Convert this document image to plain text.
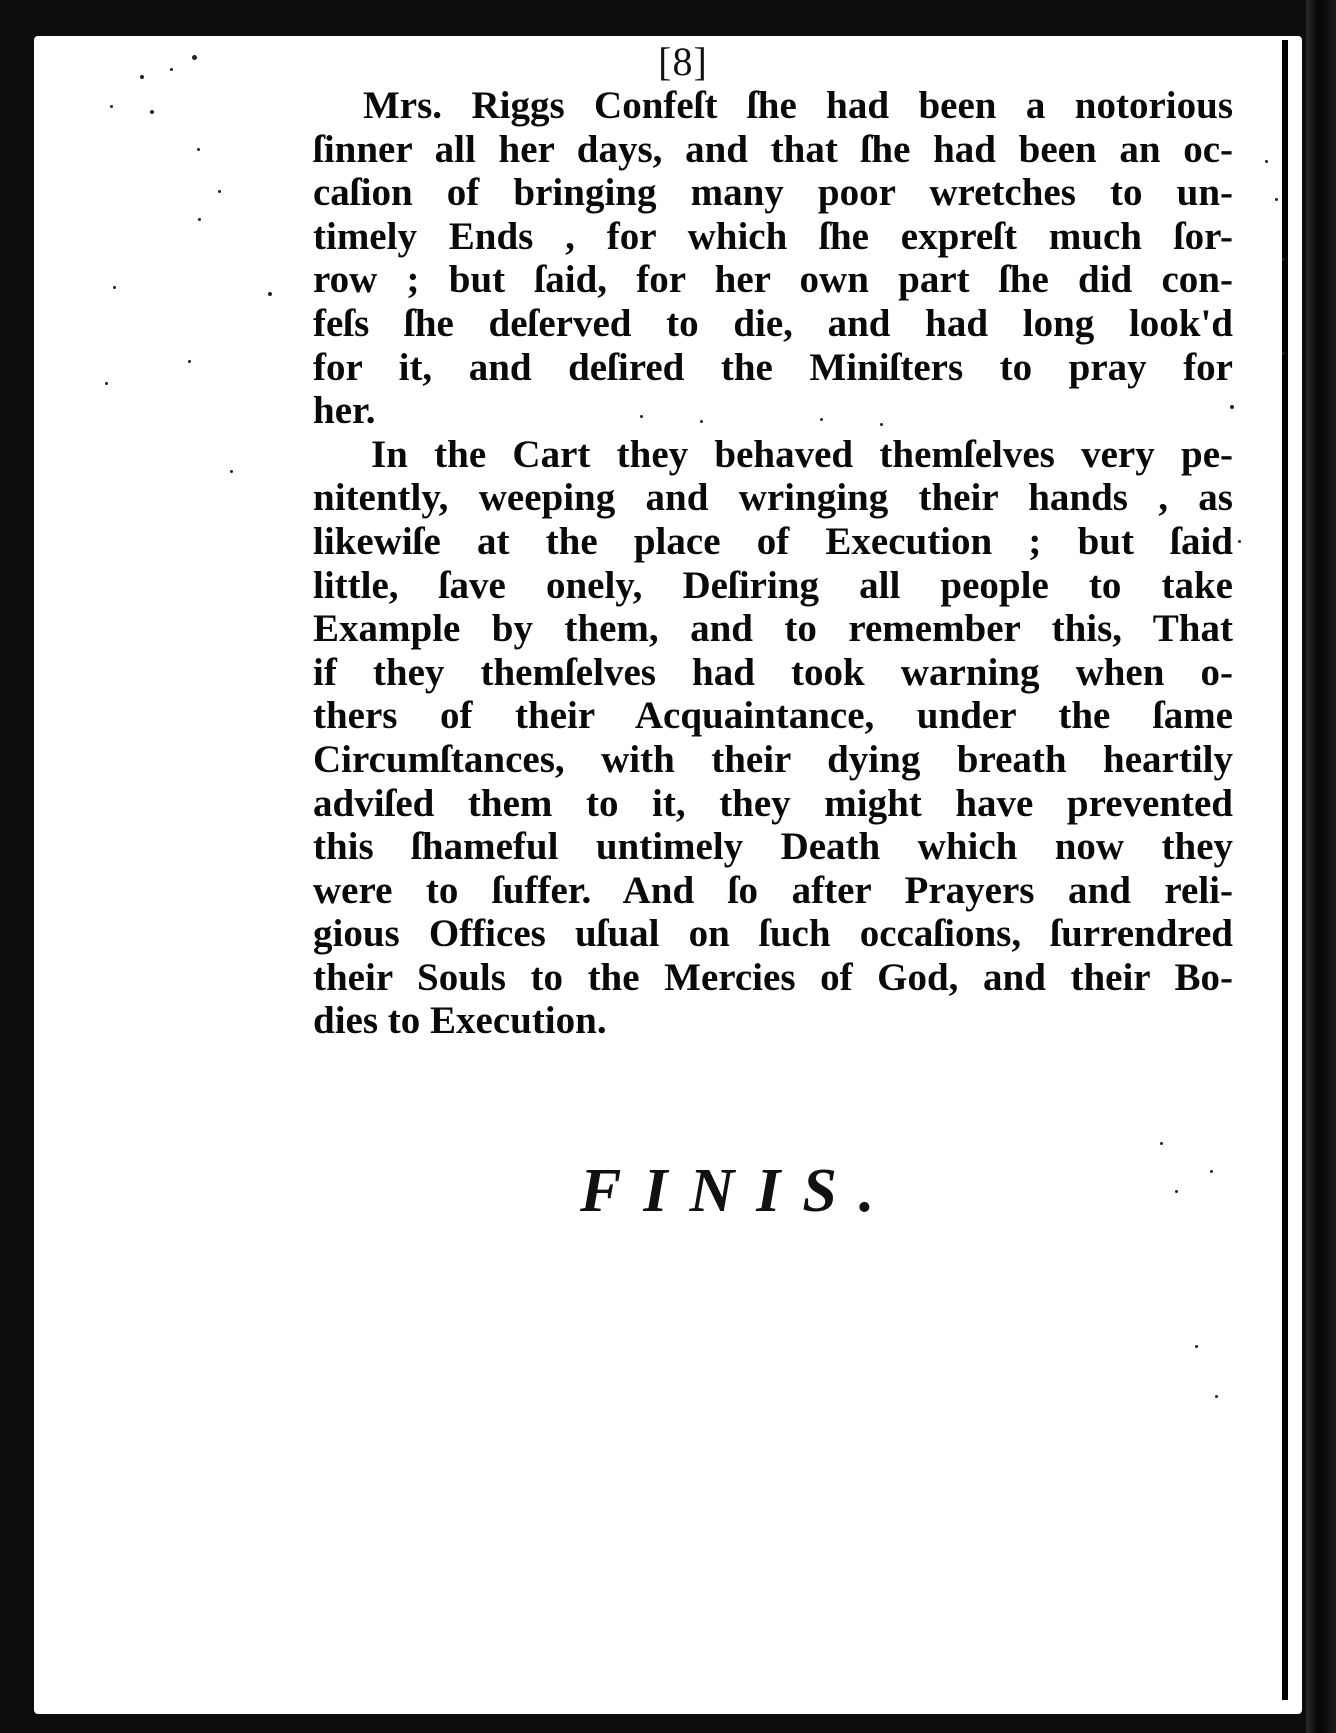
[8]
Mrs. Riggs Confeſt ſhe had been a notorious
ſinner all her days, and that ſhe had been an oc-
caſion of bringing many poor wretches to un-
timely Ends , for which ſhe expreſt much ſor-
row ; but ſaid, for her own part ſhe did con-
feſs ſhe deſerved to die, and had long look'd
for it, and deſired the Miniſters to pray for
her.
In the Cart they behaved themſelves very pe-
nitently, weeping and wringing their hands , as
likewiſe at the place of Execution ; but ſaid
little, ſave onely, Deſiring all people to take
Example by them, and to remember this, That
if they themſelves had took warning when o-
thers of their Acquaintance, under the ſame
Circumſtances, with their dying breath heartily
adviſed them to it, they might have prevented
this ſhameful untimely Death which now they
were to ſuffer. And ſo after Prayers and reli-
gious Offices uſual on ſuch occaſions, ſurrendred
their Souls to the Mercies of God, and their Bo-
dies to Execution.
FINIS.
